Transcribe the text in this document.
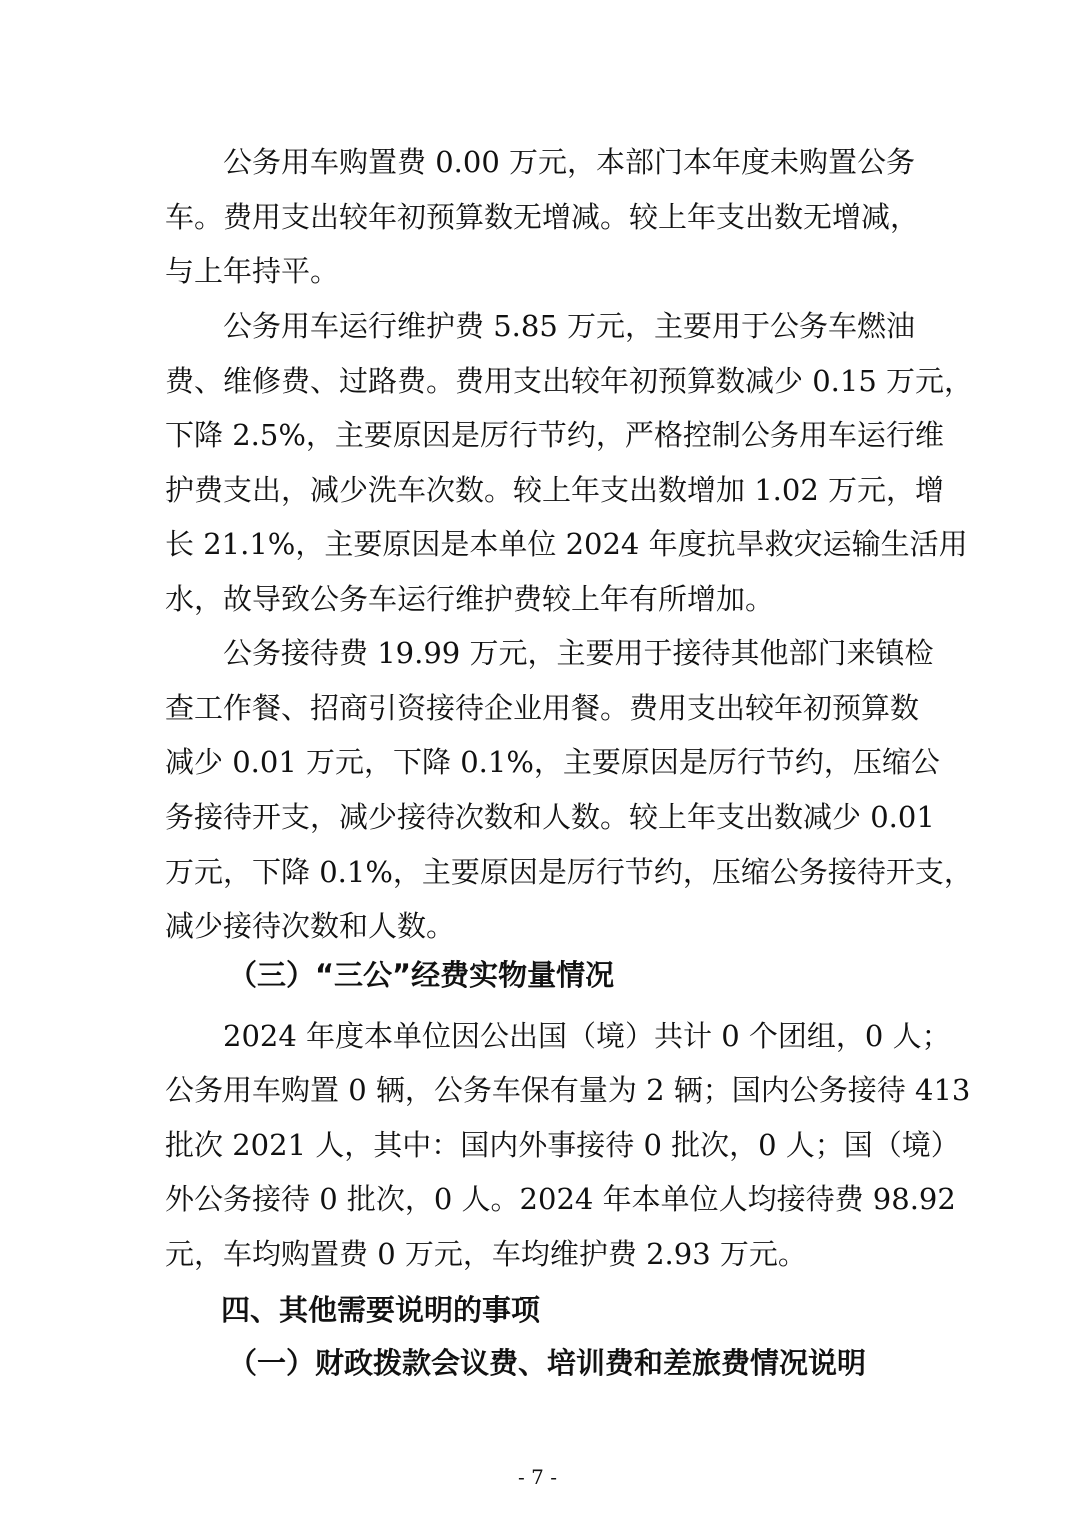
公务用车购置费 0.00 万元，本部门本年度未购置公务
车。费用支出较年初预算数无增减。较上年支出数无增减，
与上年持平。
公务用车运行维护费 5.85 万元，主要用于公务车燃油
费、维修费、过路费。费用支出较年初预算数减少 0.15 万元，
下降 2.5%，主要原因是厉行节约，严格控制公务用车运行维
护费支出，减少洗车次数。较上年支出数增加 1.02 万元，增
长 21.1%，主要原因是本单位 2024 年度抗旱救灾运输生活用
水，故导致公务车运行维护费较上年有所增加。
公务接待费 19.99 万元，主要用于接待其他部门来镇检
查工作餐、招商引资接待企业用餐。费用支出较年初预算数
减少 0.01 万元，下降 0.1%，主要原因是厉行节约，压缩公
务接待开支，减少接待次数和人数。较上年支出数减少 0.01
万元，下降 0.1%，主要原因是厉行节约，压缩公务接待开支，
减少接待次数和人数。
（三）“三公”经费实物量情况
2024 年度本单位因公出国（境）共计 0 个团组，0 人；
公务用车购置 0 辆，公务车保有量为 2 辆；国内公务接待 413
批次 2021 人，其中：国内外事接待 0 批次，0 人；国（境）
外公务接待 0 批次，0 人。2024 年本单位人均接待费 98.92
元，车均购置费 0 万元，车均维护费 2.93 万元。
四、其他需要说明的事项
（一）财政拨款会议费、培训费和差旅费情况说明
- 7 -
